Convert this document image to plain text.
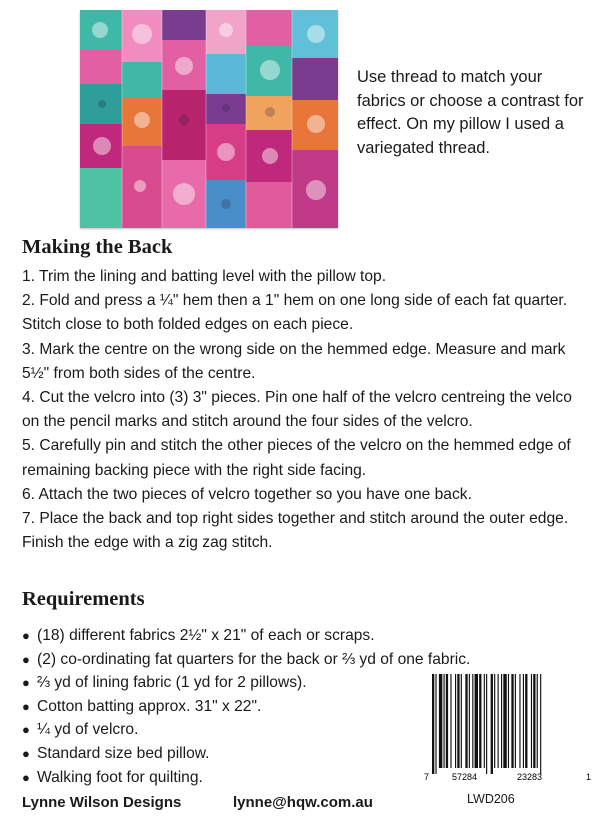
Use thread to match your fabrics or choose a contrast for effect. On my pillow I used a variegated thread.

Making the Back
1. Trim the lining and batting level with the pillow top.
2. Fold and press a ¼" hem then a 1" hem on one long side of each fat quarter. Stitch close to both folded edges on each piece.
3. Mark the centre on the wrong side on the hemmed edge. Measure and mark 5½" from both sides of the centre.
4. Cut the velcro into (3) 3" pieces. Pin one half of the velcro centreing the velco on the pencil marks and stitch around the four sides of the velcro.
5. Carefully pin and stitch the other pieces of the velcro on the hemmed edge of remaining backing piece with the right side facing.
6. Attach the two pieces of velcro together so you have one back.
7. Place the back and top right sides together and stitch around the outer edge. Finish the edge with a zig zag stitch.
Requirements
● (18) different fabrics 2½" x 21" of each or scraps.
● (2) co-ordinating fat quarters for the back or ⅔ yd of one fabric.
● ⅔ yd of lining fabric (1 yd for 2 pillows).
● Cotton batting approx. 31" x 22".
● ¼ yd of velcro.
● Standard size bed pillow.
● Walking foot for quilting.	7	57284	23283	1

Lynne Wilson Designs	lynne@hqw.com.au	LWD206
